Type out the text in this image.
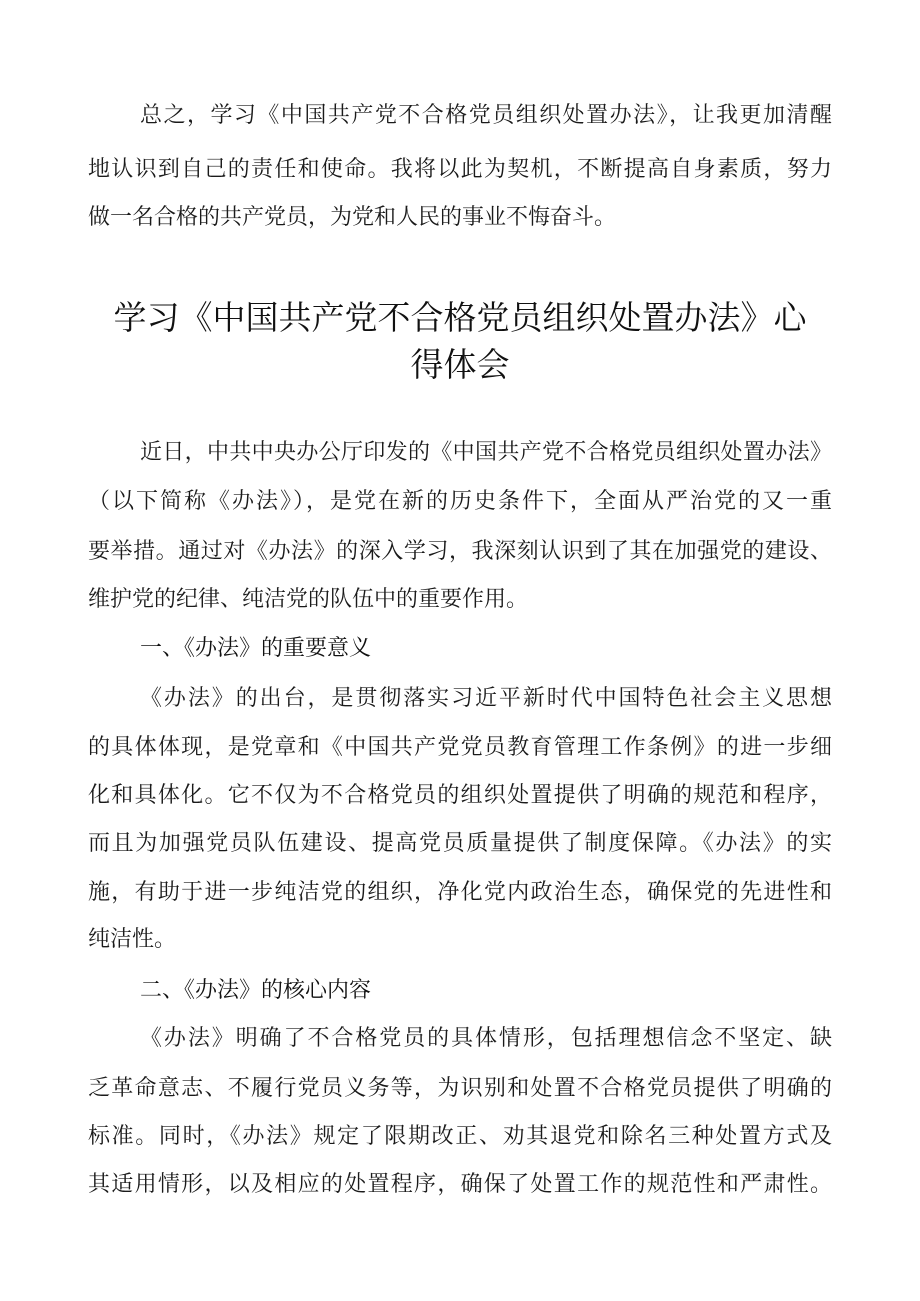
总之，学习《中国共产党不合格党员组织处置办法》，让我更加清醒
地认识到自己的责任和使命。我将以此为契机，不断提高自身素质，努力
做一名合格的共产党员，为党和人民的事业不悔奋斗。
学习《中国共产党不合格党员组织处置办法》心
得体会
近日，中共中央办公厅印发的《中国共产党不合格党员组织处置办法》
（以下简称《办法》），是党在新的历史条件下，全面从严治党的又一重
要举措。通过对《办法》的深入学习，我深刻认识到了其在加强党的建设、
维护党的纪律、纯洁党的队伍中的重要作用。
一、《办法》的重要意义
《办法》的出台，是贯彻落实习近平新时代中国特色社会主义思想
的具体体现，是党章和《中国共产党党员教育管理工作条例》的进一步细
化和具体化。它不仅为不合格党员的组织处置提供了明确的规范和程序，
而且为加强党员队伍建设、提高党员质量提供了制度保障。《办法》的实
施，有助于进一步纯洁党的组织，净化党内政治生态，确保党的先进性和
纯洁性。
二、《办法》的核心内容
《办法》明确了不合格党员的具体情形，包括理想信念不坚定、缺
乏革命意志、不履行党员义务等，为识别和处置不合格党员提供了明确的
标准。同时，《办法》规定了限期改正、劝其退党和除名三种处置方式及
其适用情形，以及相应的处置程序，确保了处置工作的规范性和严肃性。
